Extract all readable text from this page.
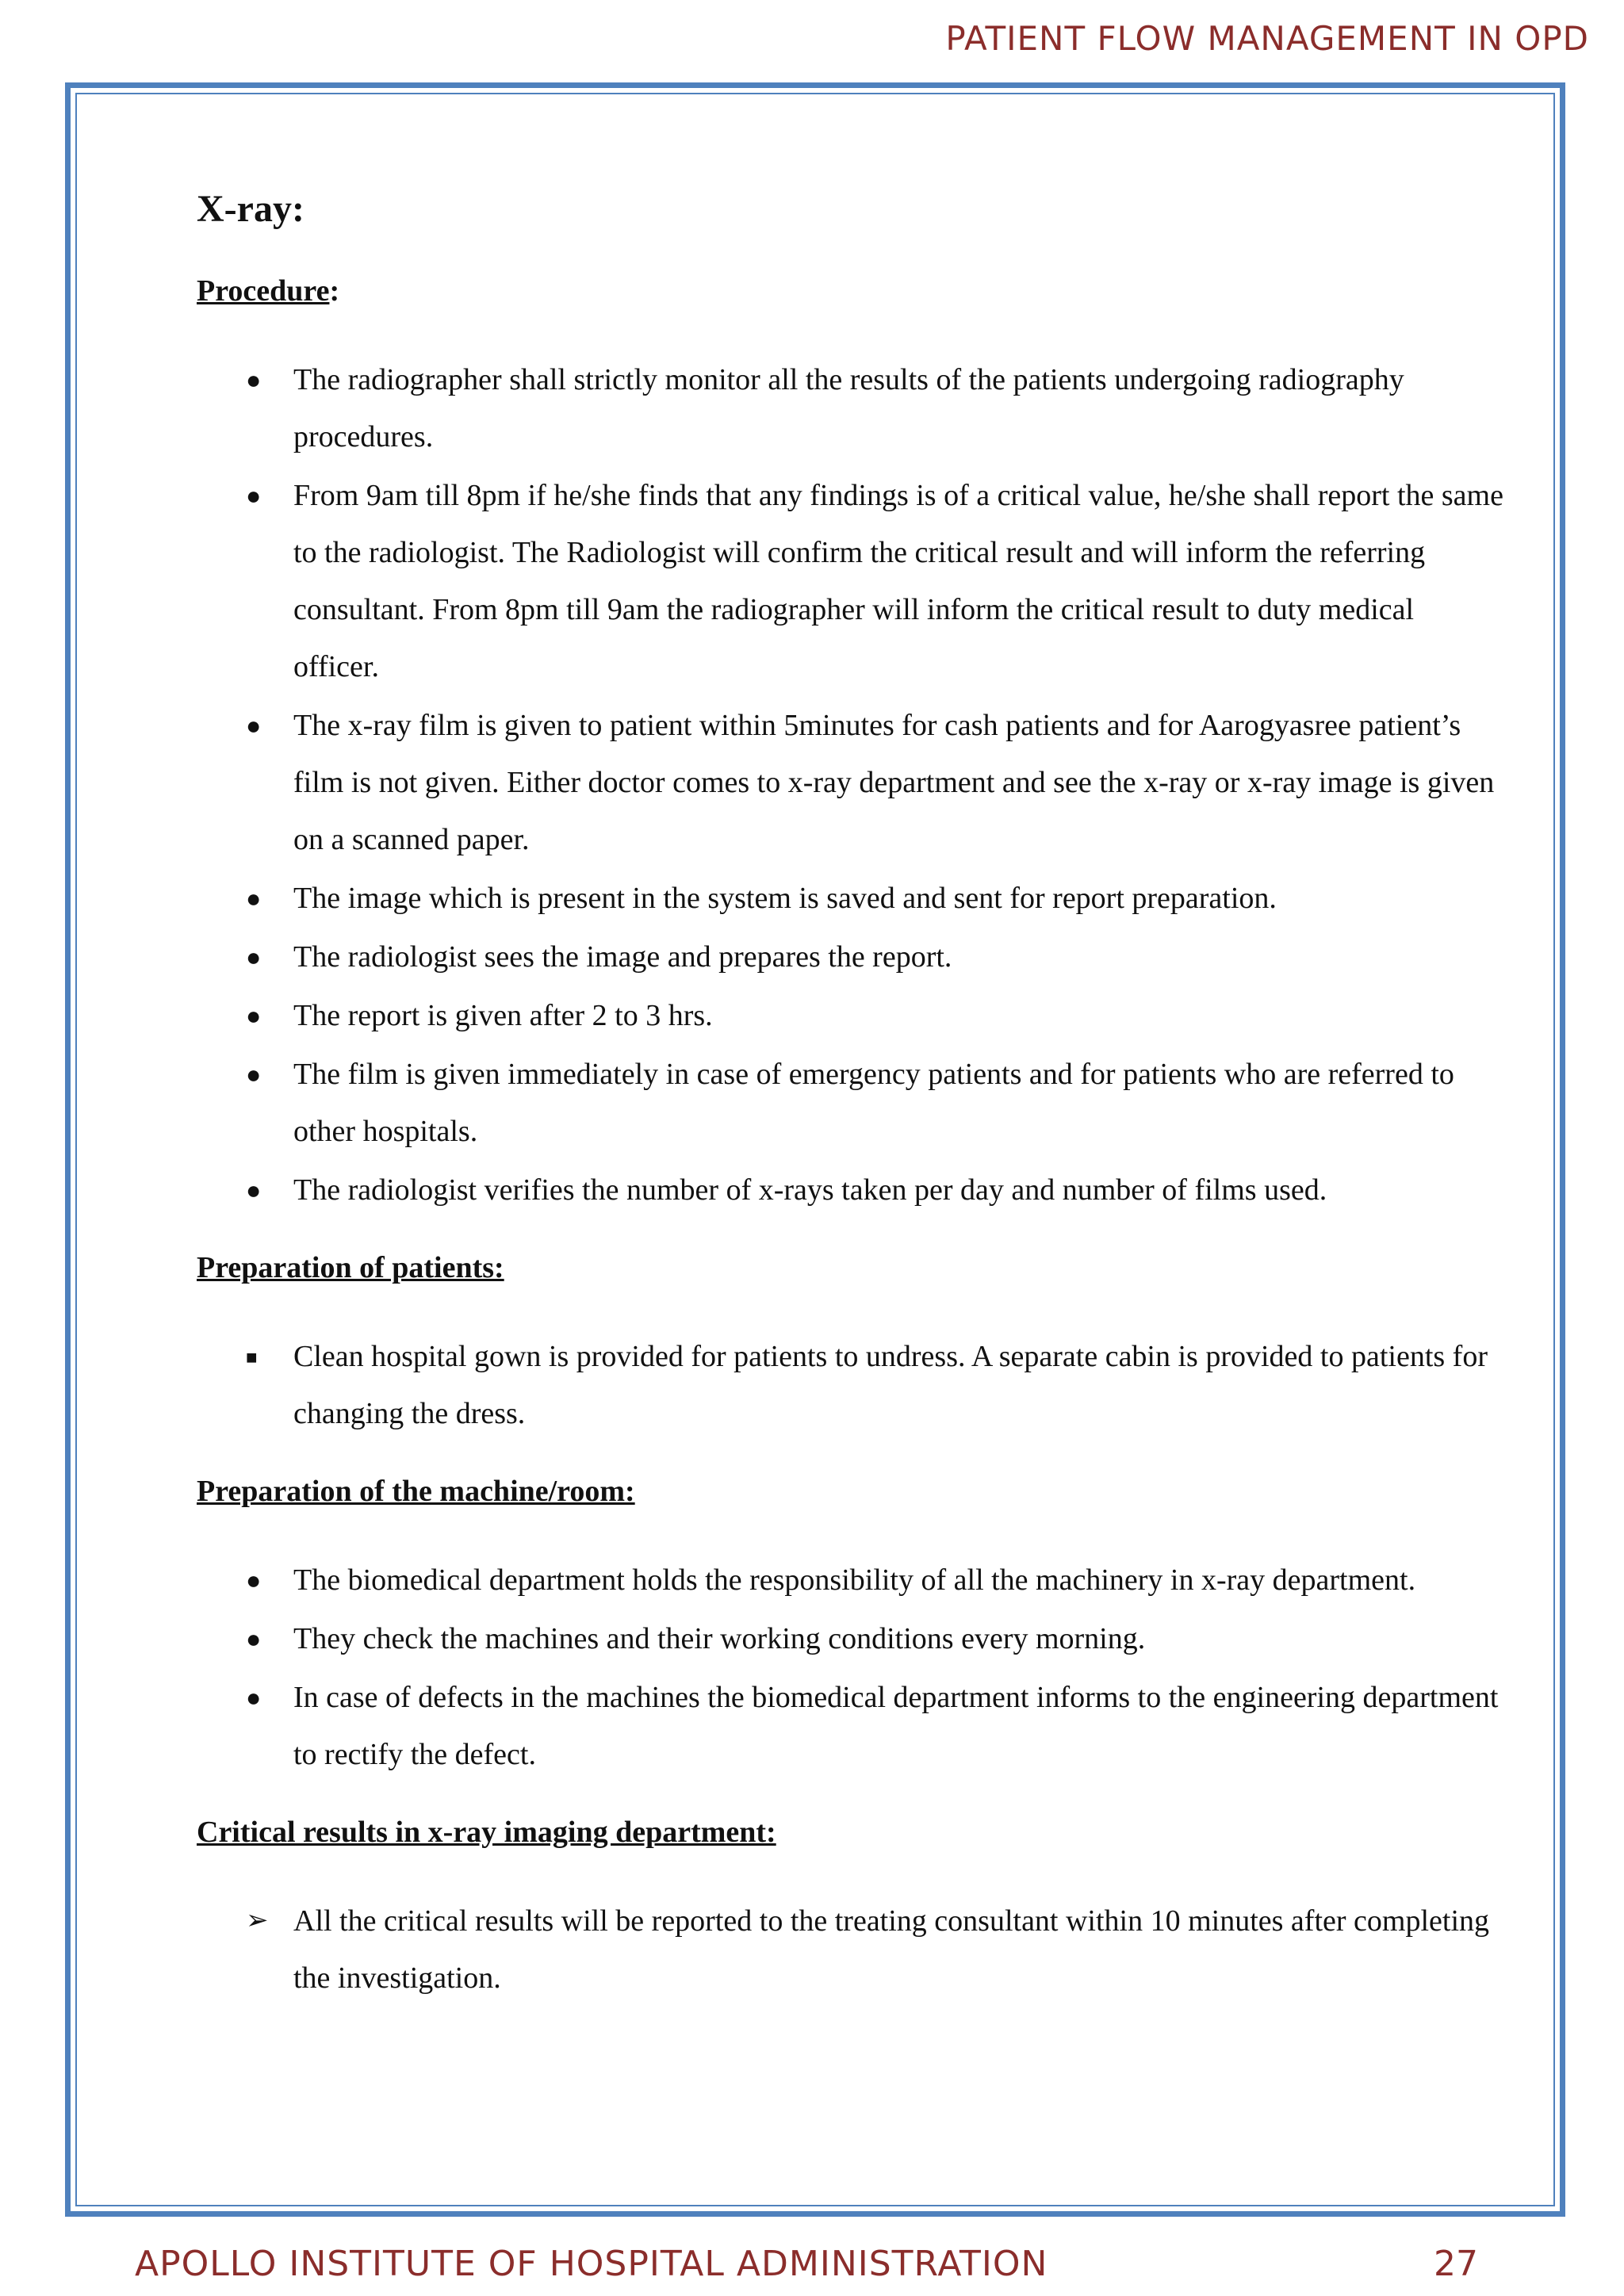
PATIENT FLOW MANAGEMENT IN OPD
X-ray:
Procedure:
● The radiographer shall strictly monitor all the results of the patients undergoing radiography procedures.
● From 9am till 8pm if he/she finds that any findings is of a critical value, he/she shall report the same to the radiologist. The Radiologist will confirm the critical result and will inform the referring consultant. From 8pm till 9am the radiographer will inform the critical result to duty medical officer.
● The x-ray film is given to patient within 5minutes for cash patients and for Aarogyasree patient’s film is not given. Either doctor comes to x-ray department and see the x-ray or x-ray image is given on a scanned paper.
● The image which is present in the system is saved and sent for report preparation.
● The radiologist sees the image and prepares the report.
● The report is given after 2 to 3 hrs.
● The film is given immediately in case of emergency patients and for patients who are referred to other hospitals.
● The radiologist verifies the number of x-rays taken per day and number of films used.
Preparation of patients:
■ Clean hospital gown is provided for patients to undress. A separate cabin is provided to patients for changing the dress.
Preparation of the machine/room:
● The biomedical department holds the responsibility of all the machinery in x-ray department.
● They check the machines and their working conditions every morning.
● In case of defects in the machines the biomedical department informs to the engineering department to rectify the defect.
Critical results in x-ray imaging department:
➢ All the critical results will be reported to the treating consultant within 10 minutes after completing the investigation.
APOLLO INSTITUTE OF HOSPITAL ADMINISTRATION	27
